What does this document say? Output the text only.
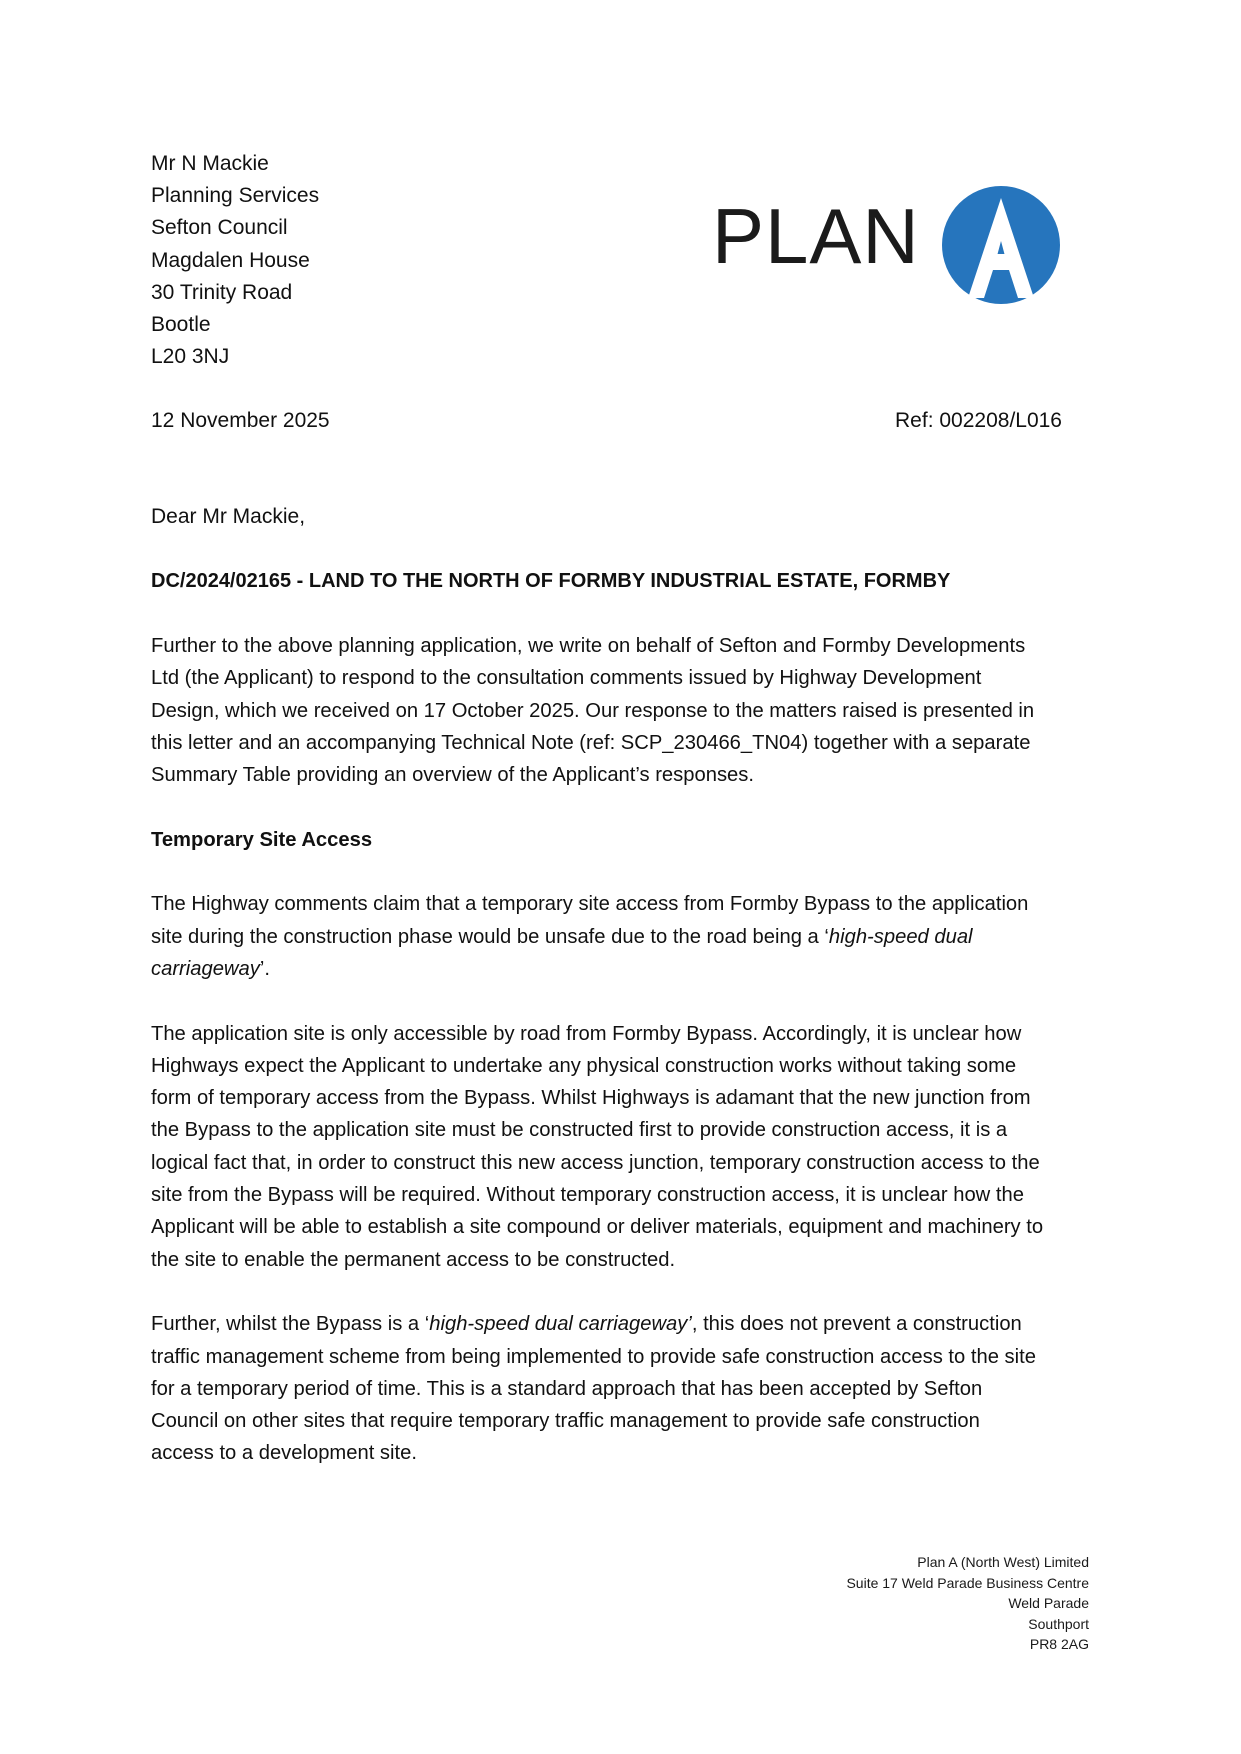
Mr N Mackie
Planning Services
Sefton Council
Magdalen House
30 Trinity Road
Bootle
L20 3NJ
PLAN
12 November 2025	Ref: 002208/L016
Dear Mr Mackie,
DC/2024/02165 - LAND TO THE NORTH OF FORMBY INDUSTRIAL ESTATE, FORMBY
Further to the above planning application, we write on behalf of Sefton and Formby Developments
Ltd (the Applicant) to respond to the consultation comments issued by Highway Development
Design, which we received on 17 October 2025. Our response to the matters raised is presented in
this letter and an accompanying Technical Note (ref: SCP_230466_TN04) together with a separate
Summary Table providing an overview of the Applicant’s responses.
Temporary Site Access
The Highway comments claim that a temporary site access from Formby Bypass to the application
site during the construction phase would be unsafe due to the road being a ‘high-speed dual
carriageway’.
The application site is only accessible by road from Formby Bypass. Accordingly, it is unclear how
Highways expect the Applicant to undertake any physical construction works without taking some
form of temporary access from the Bypass. Whilst Highways is adamant that the new junction from
the Bypass to the application site must be constructed first to provide construction access, it is a
logical fact that, in order to construct this new access junction, temporary construction access to the
site from the Bypass will be required. Without temporary construction access, it is unclear how the
Applicant will be able to establish a site compound or deliver materials, equipment and machinery to
the site to enable the permanent access to be constructed.
Further, whilst the Bypass is a ‘high-speed dual carriageway’, this does not prevent a construction
traffic management scheme from being implemented to provide safe construction access to the site
for a temporary period of time. This is a standard approach that has been accepted by Sefton
Council on other sites that require temporary traffic management to provide safe construction
access to a development site.
Plan A (North West) Limited
Suite 17 Weld Parade Business Centre
Weld Parade
Southport
PR8 2AG
